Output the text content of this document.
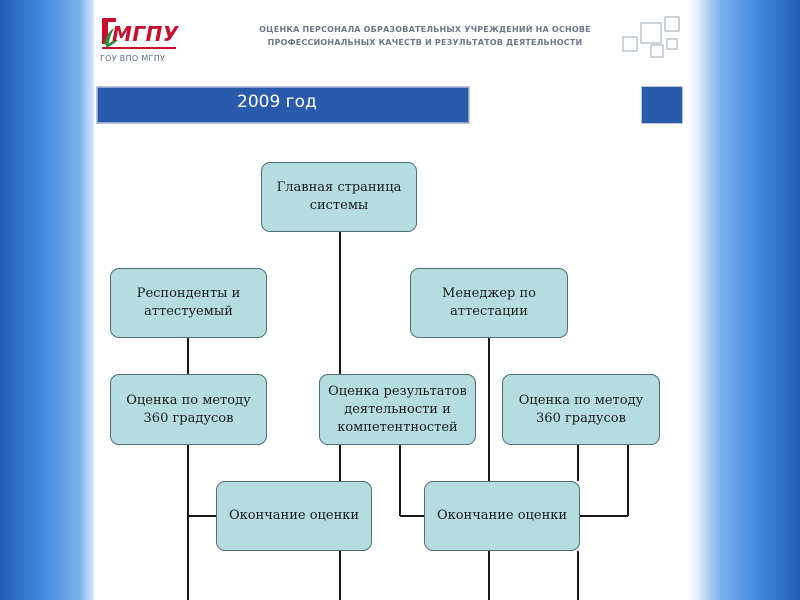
МГПУ
ГОУ ВПО МГПУ
ОЦЕНКА ПЕРСОНАЛА ОБРАЗОВАТЕЛЬНЫХ УЧРЕЖДЕНИЙ НА ОСНОВЕ
ПРОФЕССИОНАЛЬНЫХ КАЧЕСТВ И РЕЗУЛЬТАТОВ ДЕЯТЕЛЬНОСТИ
2009 год
Главная страница
системы
Респонденты и
аттестуемый
Менеджер по
аттестации
Оценка по методу
360 градусов
Оценка результатов
деятельности и
компетентностей
Оценка по методу
360 градусов
Окончание оценки	Окончание оценки
